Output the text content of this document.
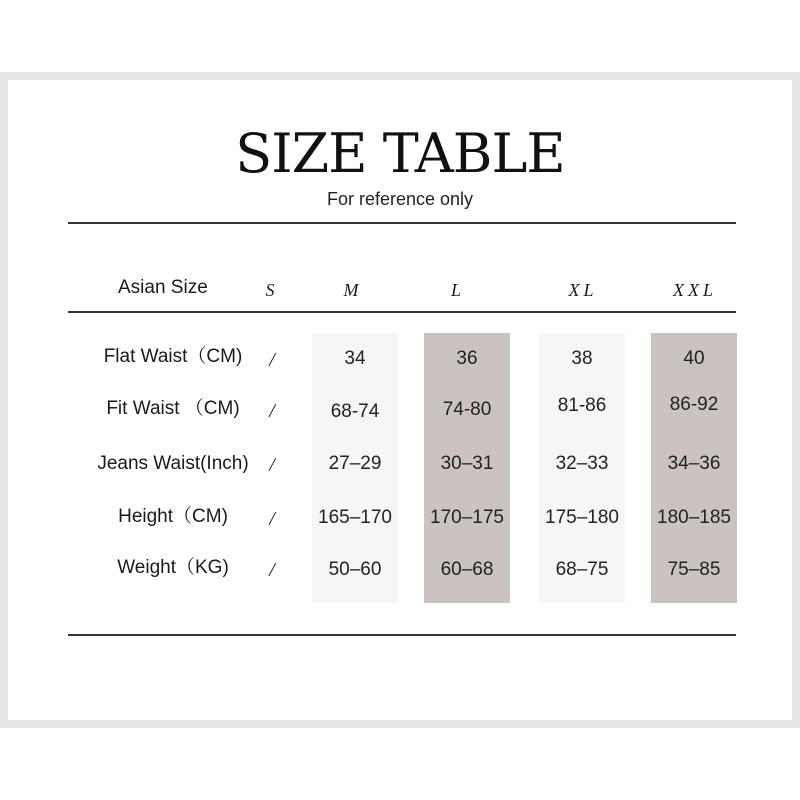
SIZE TABLE
For reference only
Asian Size	S	M	L	XL	XXL
Flat Waist（CM)	/	34	36	38	40
Fit Waist （CM)	/	68-74	74-80	81-86	86-92
Jeans Waist(Inch)	/	27–29	30–31	32–33	34–36
Height（CM)	/	165–170	170–175	175–180	180–185
Weight（KG)	/	50–60	60–68	68–75	75–85
